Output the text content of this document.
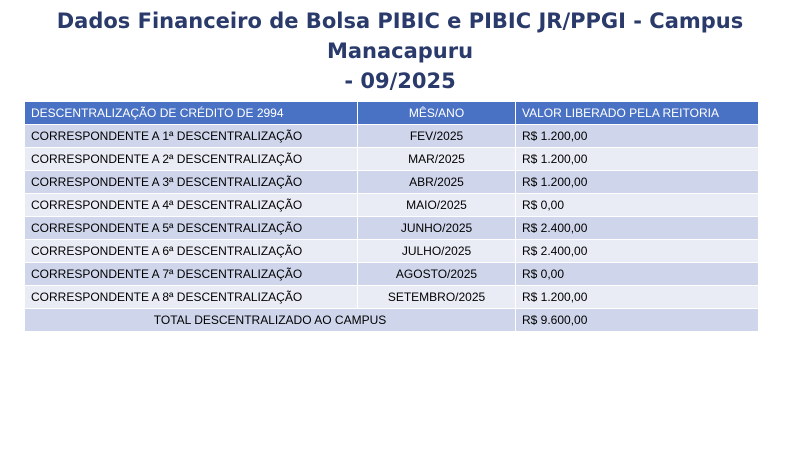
Dados Financeiro de Bolsa PIBIC e PIBIC JR/PPGI - Campus Manacapuru
- 09/2025
DESCENTRALIZAÇÃO DE CRÉDITO DE 2994	MÊS/ANO	VALOR LIBERADO PELA REITORIA
CORRESPONDENTE A 1ª DESCENTRALIZAÇÃO	FEV/2025	R$ 1.200,00
CORRESPONDENTE A 2ª DESCENTRALIZAÇÃO	MAR/2025	R$ 1.200,00
CORRESPONDENTE A 3ª DESCENTRALIZAÇÃO	ABR/2025	R$ 1.200,00
CORRESPONDENTE A 4ª DESCENTRALIZAÇÃO	MAIO/2025	R$ 0,00
CORRESPONDENTE A 5ª DESCENTRALIZAÇÃO	JUNHO/2025	R$ 2.400,00
CORRESPONDENTE A 6ª DESCENTRALIZAÇÃO	JULHO/2025	R$ 2.400,00
CORRESPONDENTE A 7ª DESCENTRALIZAÇÃO	AGOSTO/2025	R$ 0,00
CORRESPONDENTE A 8ª DESCENTRALIZAÇÃO	SETEMBRO/2025	R$ 1.200,00
TOTAL DESCENTRALIZADO AO CAMPUS		R$ 9.600,00
